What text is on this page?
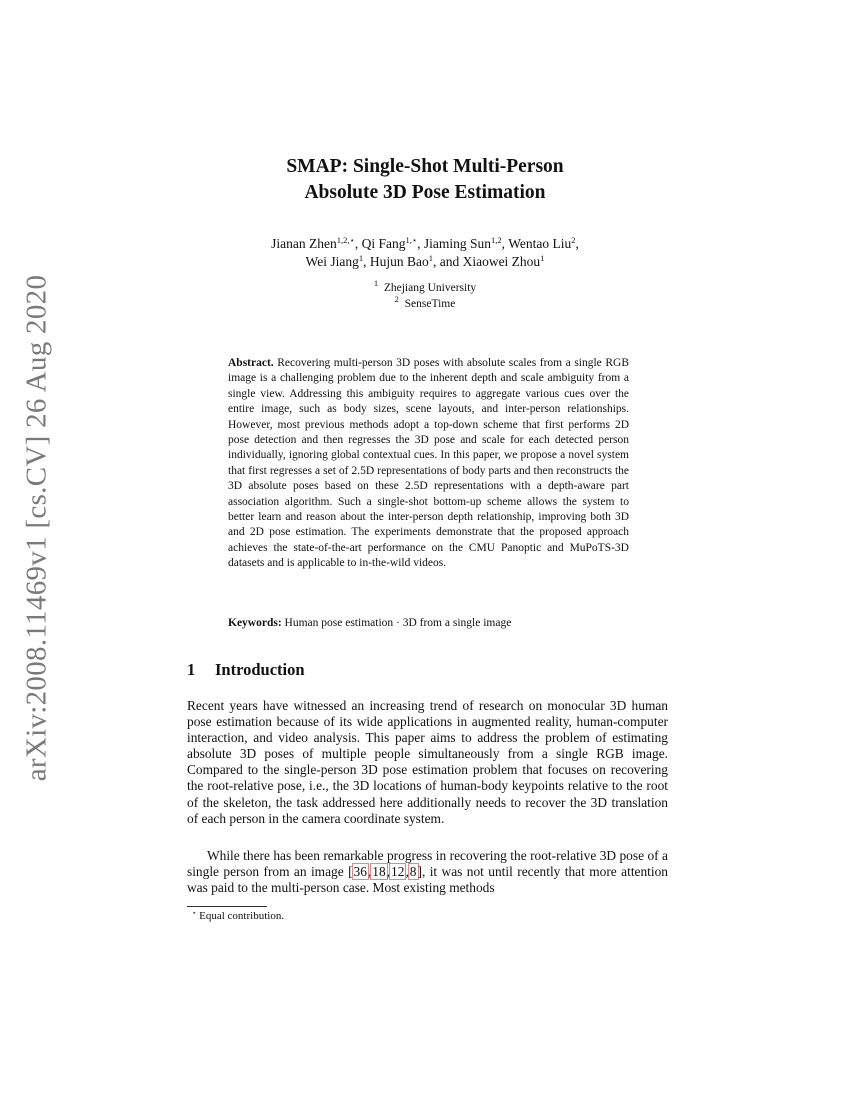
arXiv:2008.11469v1 [cs.CV] 26 Aug 2020
SMAP: Single-Shot Multi-Person
Absolute 3D Pose Estimation
Jianan Zhen$^{1,2,⋆}$, Qi Fang$^{1,⋆}$, Jiaming Sun$^{1,2}$, Wentao Liu$^2$,
Wei Jiang$^1$, Hujun Bao$^1$, and Xiaowei Zhou$^1$
$^1$ Zhejiang University
$^2$ SenseTime
Abstract. Recovering multi-person 3D poses with absolute scales from a single RGB image is a challenging problem due to the inherent depth and scale ambiguity from a single view. Addressing this ambiguity requires to aggregate various cues over the entire image, such as body sizes, scene layouts, and inter-person relationships. However, most previous methods adopt a top-down scheme that first performs 2D pose detection and then regresses the 3D pose and scale for each detected person individually, ignoring global contextual cues. In this paper, we propose a novel system that first regresses a set of 2.5D representations of body parts and then reconstructs the 3D absolute poses based on these 2.5D representations with a depth-aware part association algorithm. Such a single-shot bottom-up scheme allows the system to better learn and reason about the inter-person depth relationship, improving both 3D and 2D pose estimation. The experiments demonstrate that the proposed approach achieves the state-of-the-art performance on the CMU Panoptic and MuPoTS-3D datasets and is applicable to in-the-wild videos.
Keywords: Human pose estimation · 3D from a single image
1 Introduction
Recent years have witnessed an increasing trend of research on monocular 3D human pose estimation because of its wide applications in augmented reality, human-computer interaction, and video analysis. This paper aims to address the problem of estimating absolute 3D poses of multiple people simultaneously from a single RGB image. Compared to the single-person 3D pose estimation problem that focuses on recovering the root-relative pose, i.e., the 3D locations of human-body keypoints relative to the root of the skeleton, the task addressed here additionally needs to recover the 3D translation of each person in the camera coordinate system.
While there has been remarkable progress in recovering the root-relative 3D pose of a single person from an image [36,18,12,8], it was not until recently that more attention was paid to the multi-person case. Most existing methods
⋆ Equal contribution.
